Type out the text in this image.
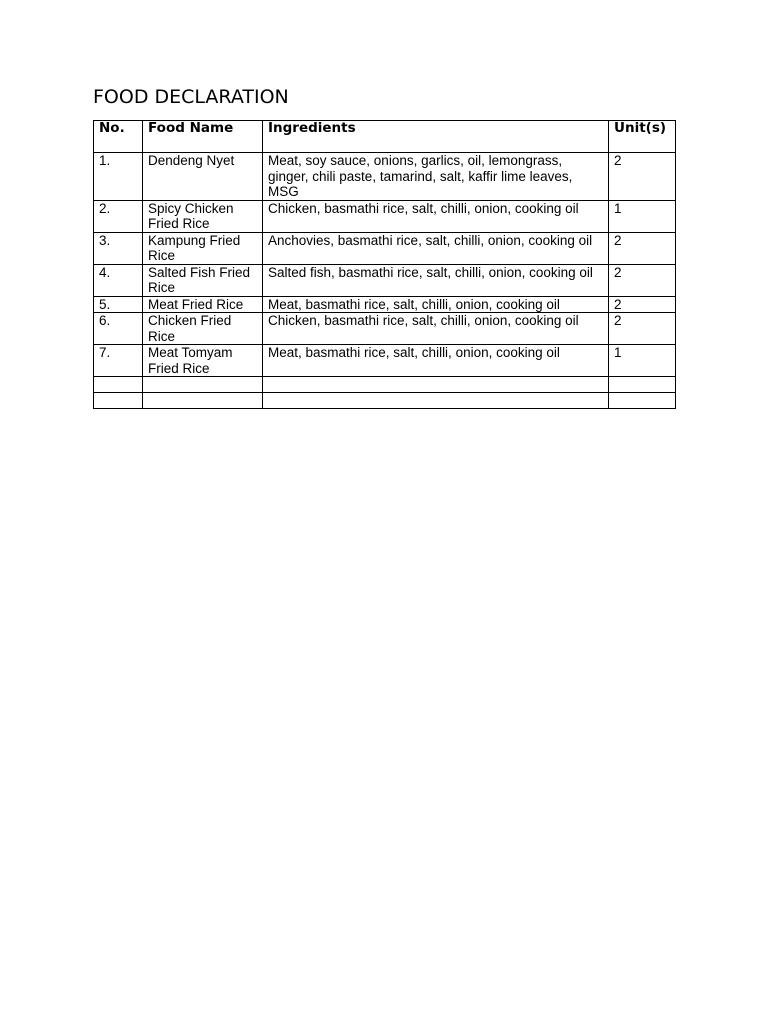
FOOD DECLARATION
No.	Food Name	Ingredients	Unit(s)
1.	Dendeng Nyet	Meat, soy sauce, onions, garlics, oil, lemongrass, ginger, chili paste, tamarind, salt, kaffir lime leaves, MSG	2
2.	Spicy Chicken Fried Rice	Chicken, basmathi rice, salt, chilli, onion, cooking oil	1
3.	Kampung Fried Rice	Anchovies, basmathi rice, salt, chilli, onion, cooking oil	2
4.	Salted Fish Fried Rice	Salted fish, basmathi rice, salt, chilli, onion, cooking oil	2
5.	Meat Fried Rice	Meat, basmathi rice, salt, chilli, onion, cooking oil	2
6.	Chicken Fried Rice	Chicken, basmathi rice, salt, chilli, onion, cooking oil	2
7.	Meat Tomyam Fried Rice	Meat, basmathi rice, salt, chilli, onion, cooking oil	1
